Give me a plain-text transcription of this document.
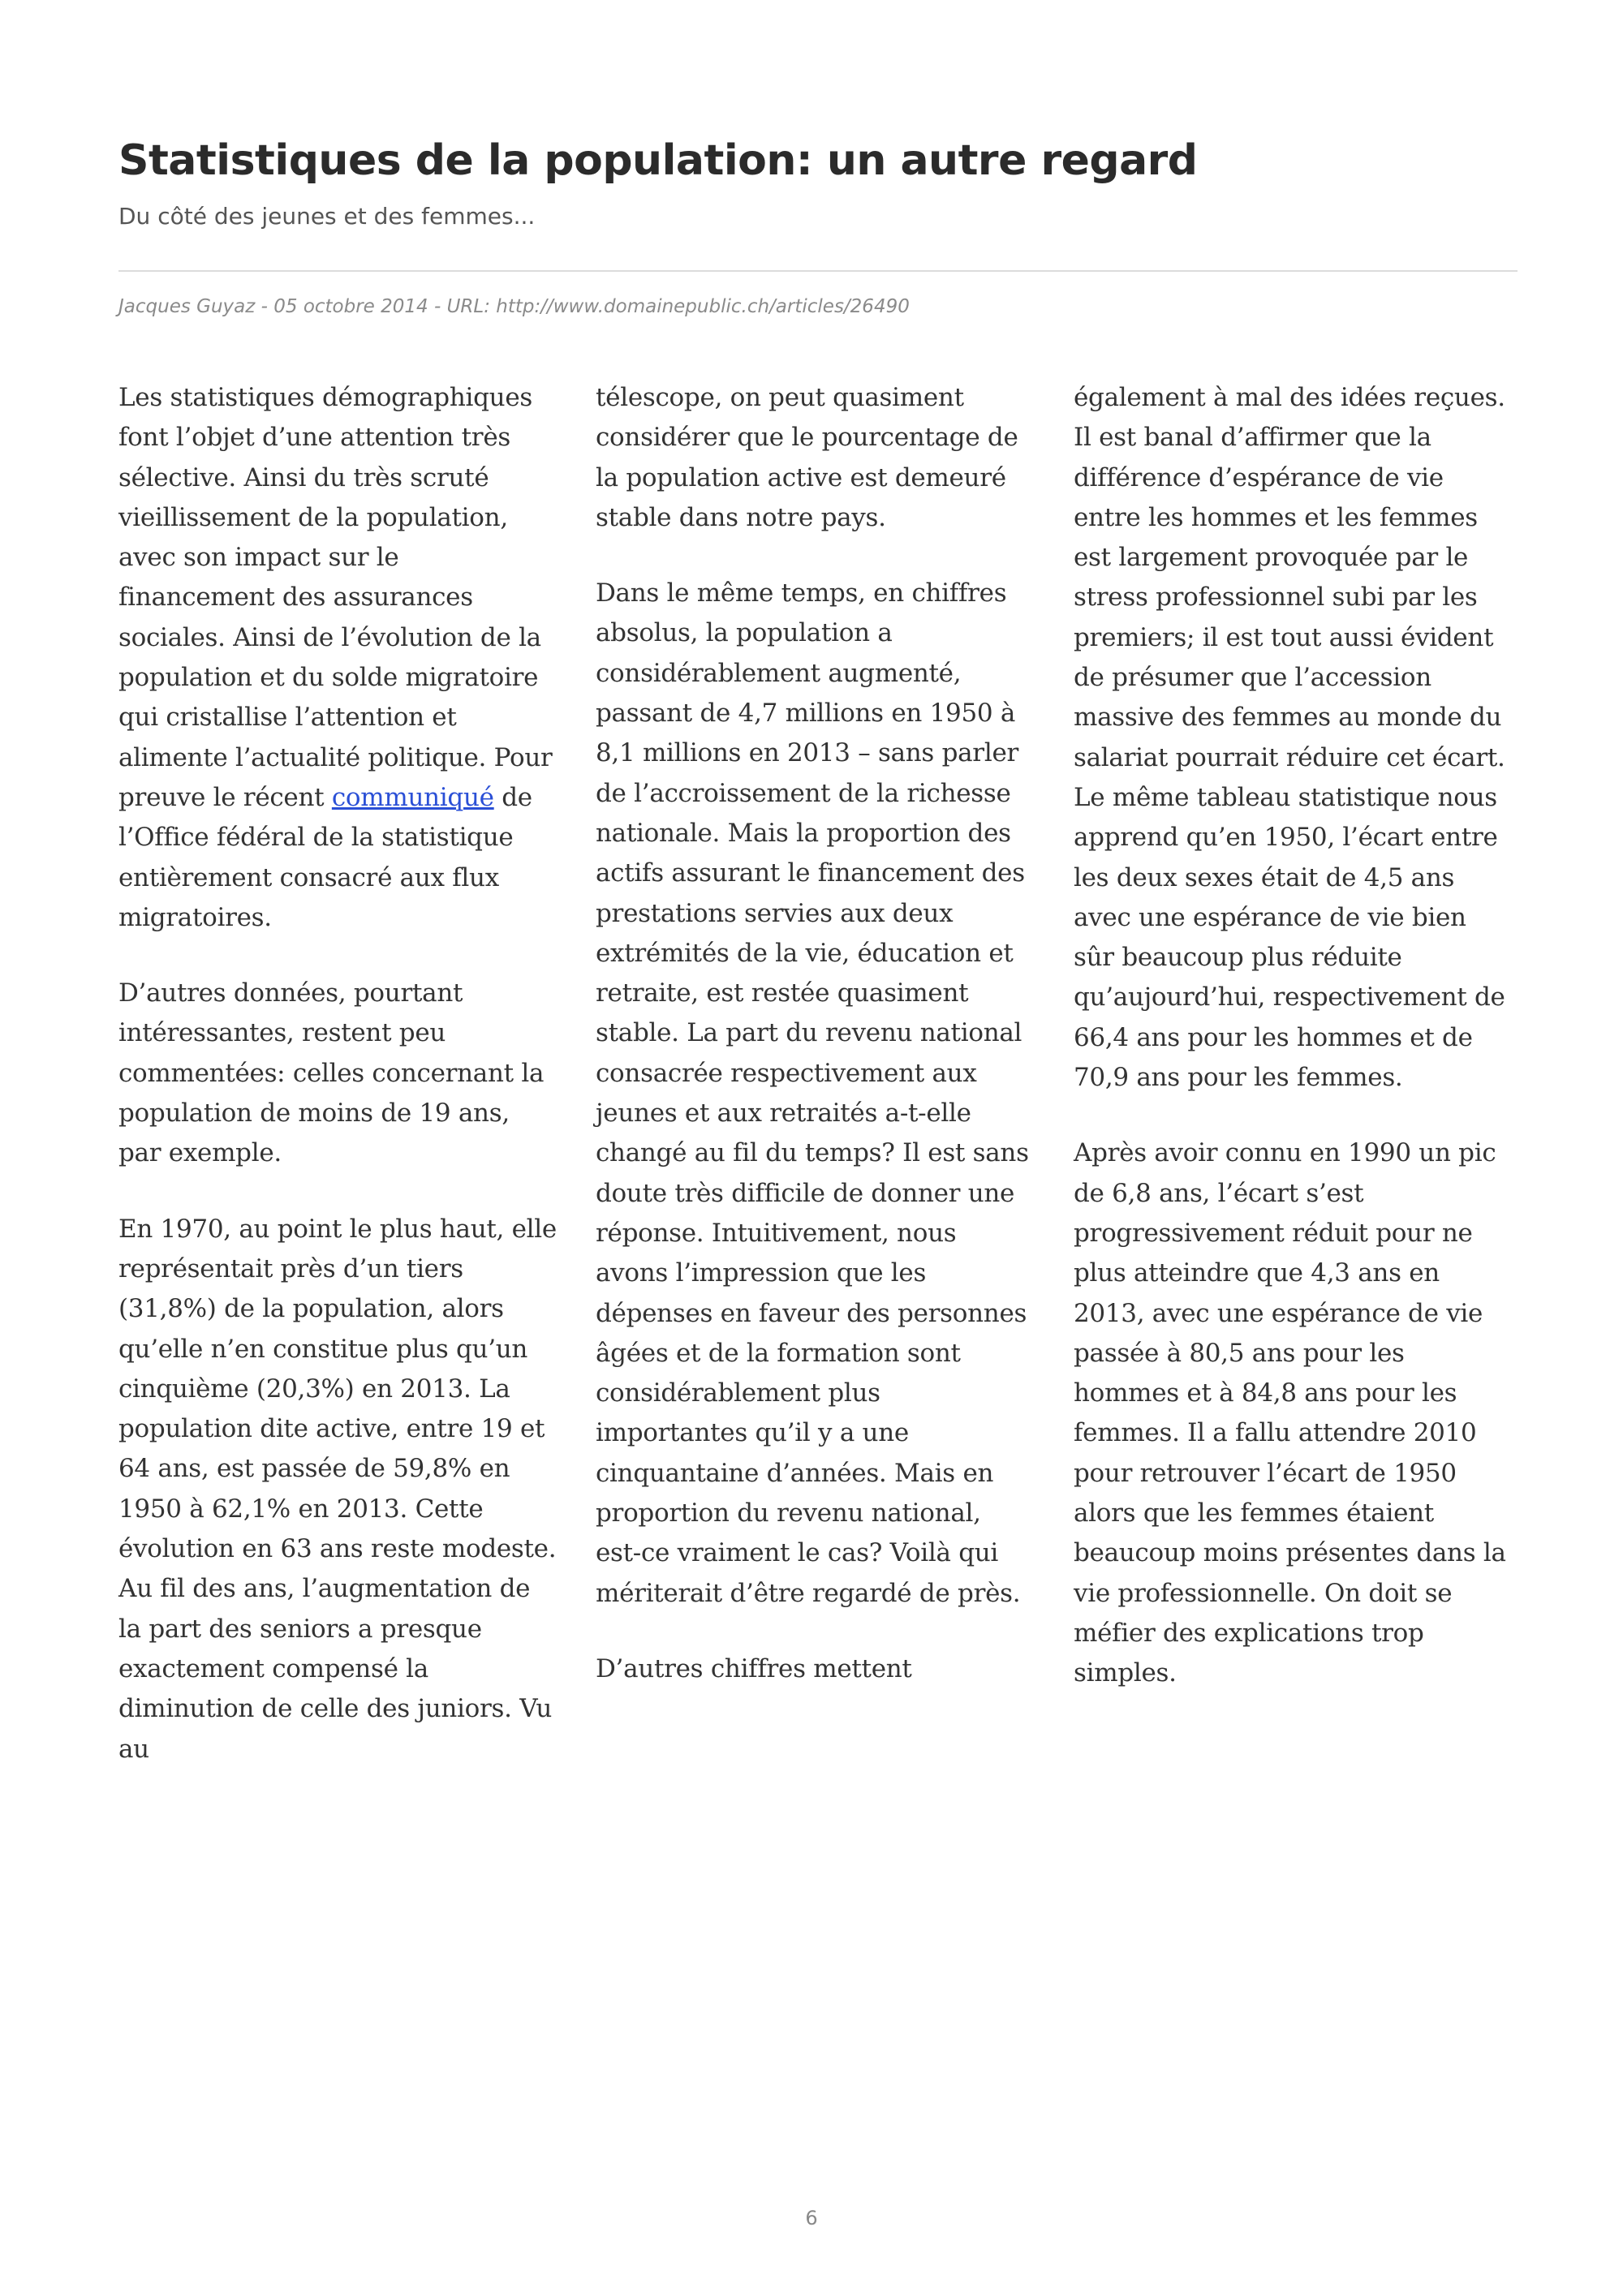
Statistiques de la population: un autre regard
Du côté des jeunes et des femmes...
Jacques Guyaz - 05 octobre 2014 - URL: http://www.domainepublic.ch/articles/26490

Les statistiques démographiques font l’objet d’une attention très sélective. Ainsi du très scruté vieillissement de la population, avec son impact sur le financement des assurances sociales. Ainsi de l’évolution de la population et du solde migratoire qui cristallise l’attention et alimente l’actualité politique. Pour preuve le récent communiqué de l’Office fédéral de la statistique entièrement consacré aux flux migratoires.

D’autres données, pourtant intéressantes, restent peu commentées: celles concernant la population de moins de 19 ans, par exemple.

En 1970, au point le plus haut, elle représentait près d’un tiers (31,8%) de la population, alors qu’elle n’en constitue plus qu’un cinquième (20,3%) en 2013. La population dite active, entre 19 et 64 ans, est passée de 59,8% en 1950 à 62,1% en 2013. Cette évolution en 63 ans reste modeste. Au fil des ans, l’augmentation de la part des seniors a presque exactement compensé la diminution de celle des juniors. Vu au

télescope, on peut quasiment considérer que le pourcentage de la population active est demeuré stable dans notre pays.

Dans le même temps, en chiffres absolus, la population a considérablement augmenté, passant de 4,7 millions en 1950 à 8,1 millions en 2013 – sans parler de l’accroissement de la richesse nationale. Mais la proportion des actifs assurant le financement des prestations servies aux deux extrémités de la vie, éducation et retraite, est restée quasiment stable. La part du revenu national consacrée respectivement aux jeunes et aux retraités a-t-elle changé au fil du temps? Il est sans doute très difficile de donner une réponse. Intuitivement, nous avons l’impression que les dépenses en faveur des personnes âgées et de la formation sont considérablement plus importantes qu’il y a une cinquantaine d’années. Mais en proportion du revenu national, est-ce vraiment le cas? Voilà qui mériterait d’être regardé de près.

D’autres chiffres mettent

également à mal des idées reçues. Il est banal d’affirmer que la différence d’espérance de vie entre les hommes et les femmes est largement provoquée par le stress professionnel subi par les premiers; il est tout aussi évident de présumer que l’accession massive des femmes au monde du salariat pourrait réduire cet écart. Le même tableau statistique nous apprend qu’en 1950, l’écart entre les deux sexes était de 4,5 ans avec une espérance de vie bien sûr beaucoup plus réduite qu’aujourd’hui, respectivement de 66,4 ans pour les hommes et de 70,9 ans pour les femmes.

Après avoir connu en 1990 un pic de 6,8 ans, l’écart s’est progressivement réduit pour ne plus atteindre que 4,3 ans en 2013, avec une espérance de vie passée à 80,5 ans pour les hommes et à 84,8 ans pour les femmes. Il a fallu attendre 2010 pour retrouver l’écart de 1950 alors que les femmes étaient beaucoup moins présentes dans la vie professionnelle. On doit se méfier des explications trop simples.

6
